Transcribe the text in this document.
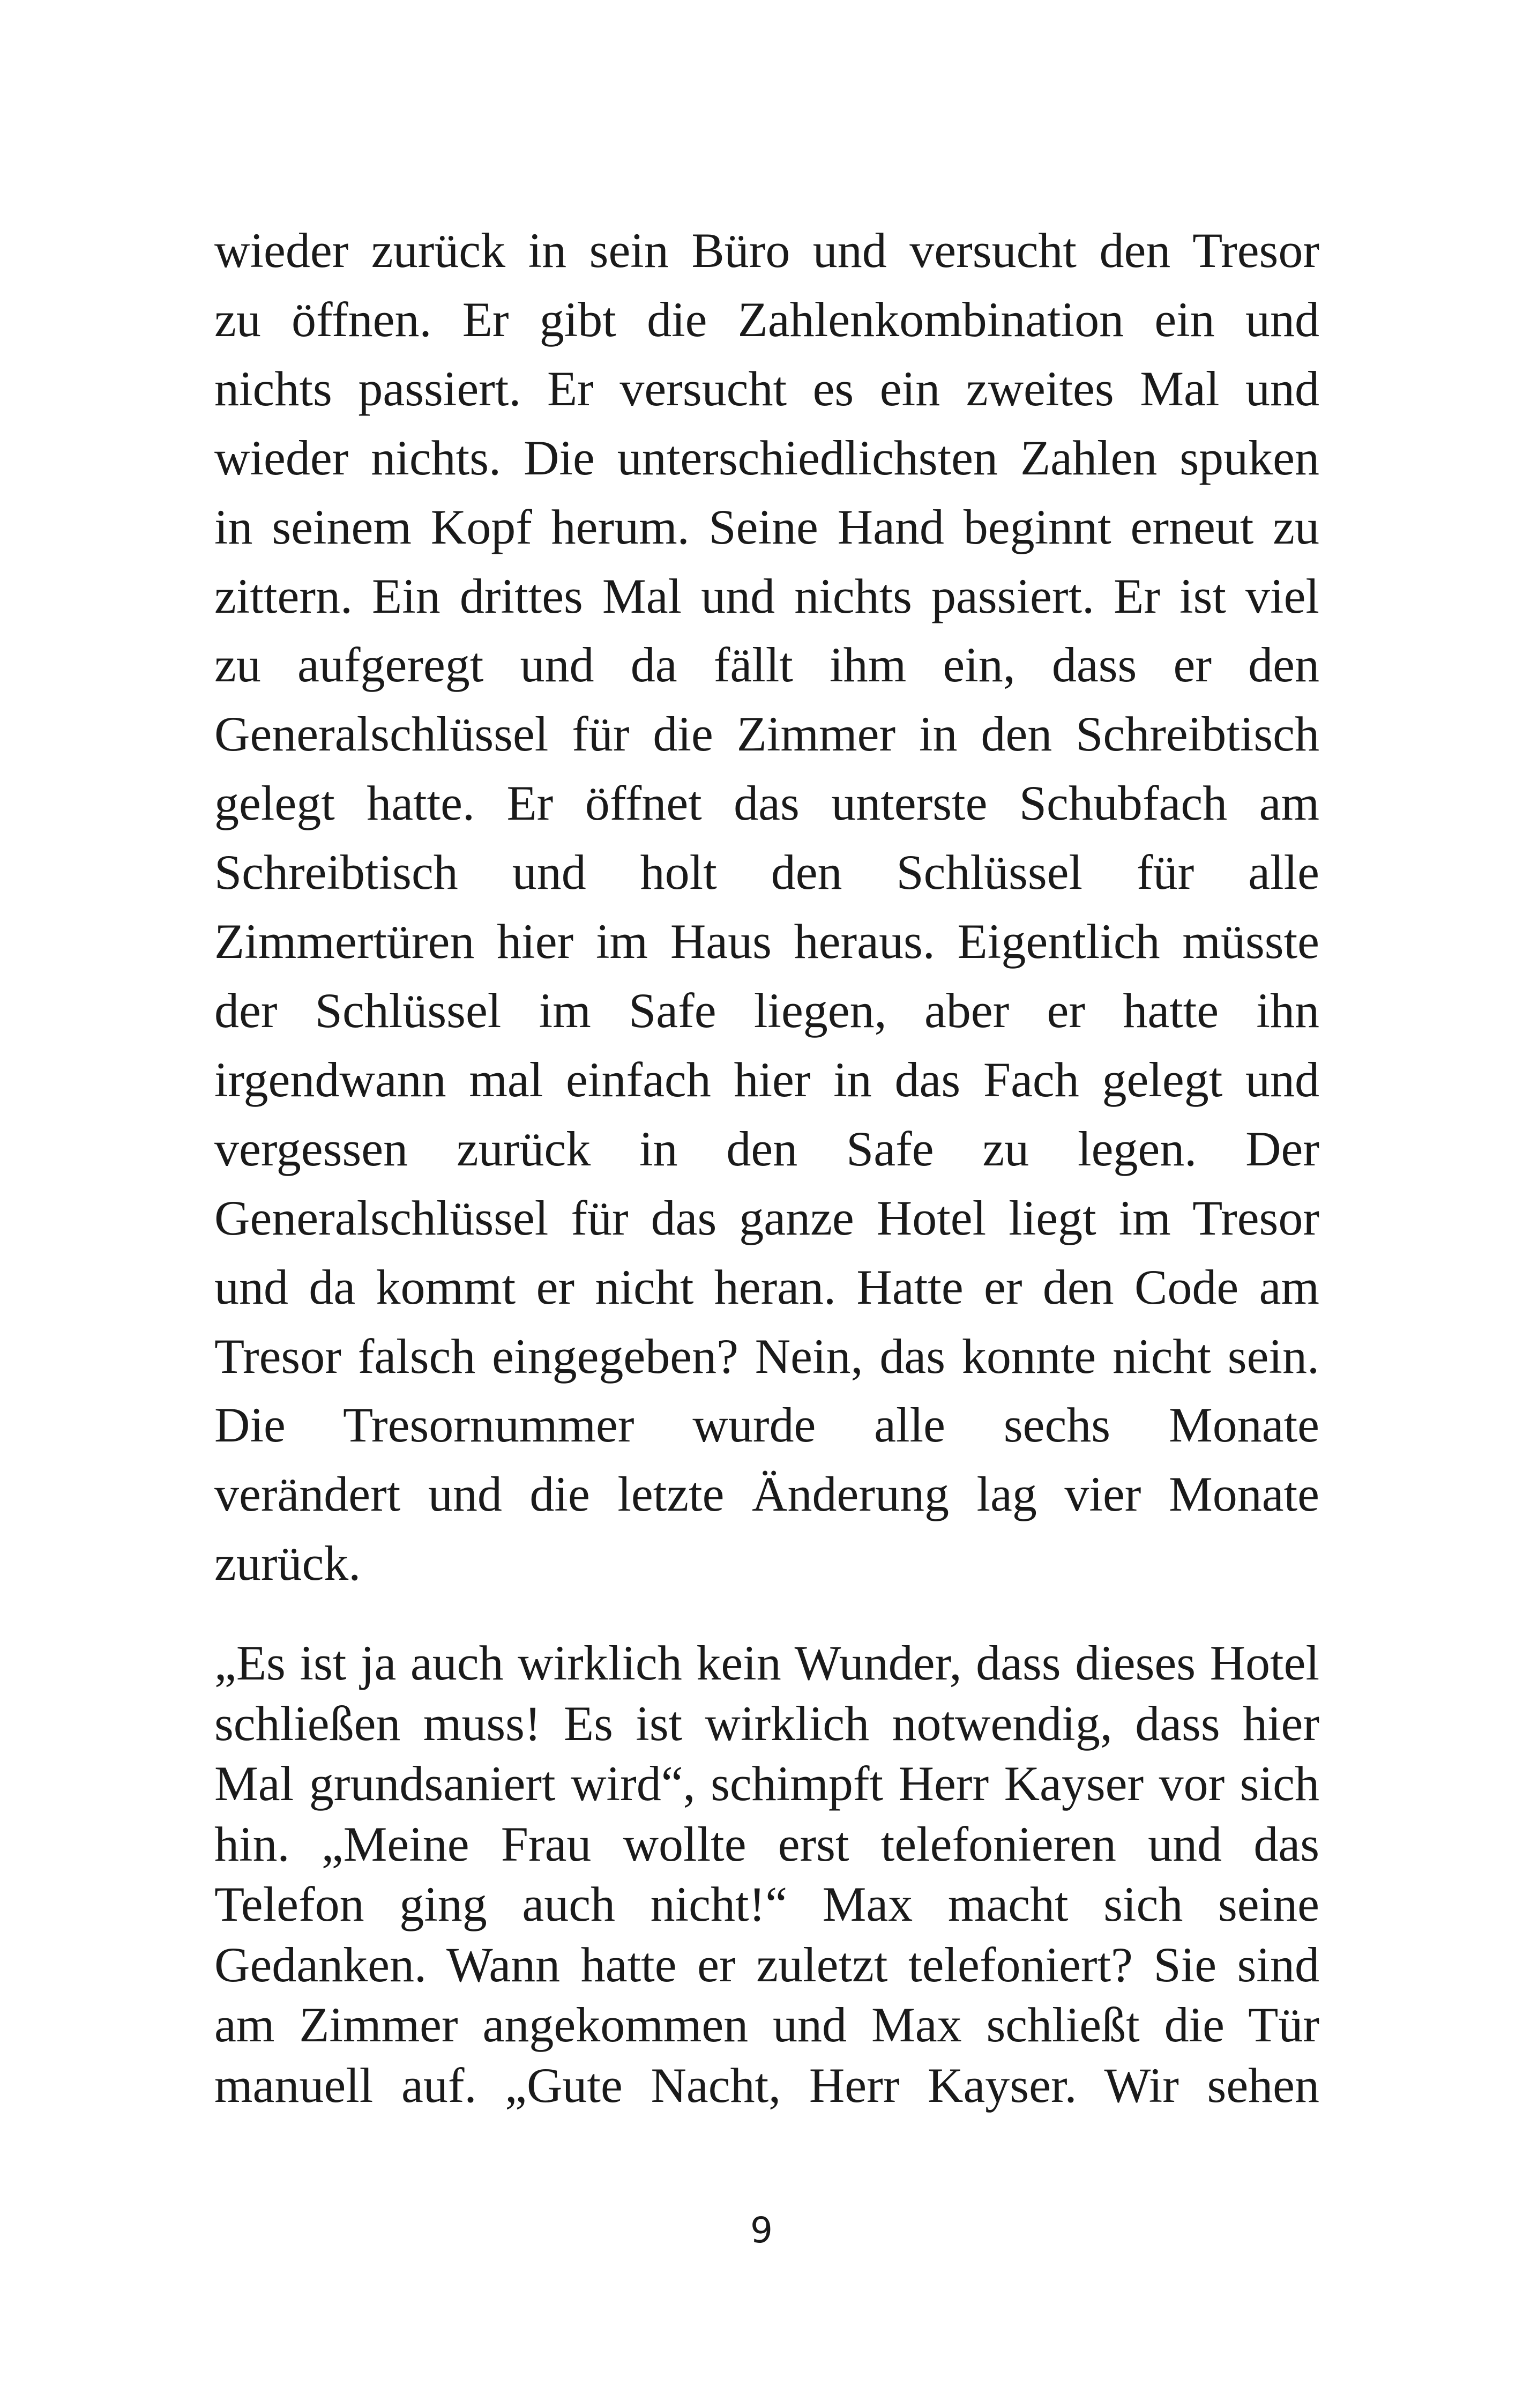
wieder zurück in sein Büro und versucht den Tresor
zu öffnen. Er gibt die Zahlenkombination ein und
nichts passiert. Er versucht es ein zweites Mal und
wieder nichts. Die unterschiedlichsten Zahlen spuken
in seinem Kopf herum. Seine Hand beginnt erneut zu
zittern. Ein drittes Mal und nichts passiert. Er ist viel
zu aufgeregt und da fällt ihm ein, dass er den
Generalschlüssel für die Zimmer in den Schreibtisch
gelegt hatte. Er öffnet das unterste Schubfach am
Schreibtisch und holt den Schlüssel für alle
Zimmertüren hier im Haus heraus. Eigentlich müsste
der Schlüssel im Safe liegen, aber er hatte ihn
irgendwann mal einfach hier in das Fach gelegt und
vergessen zurück in den Safe zu legen. Der
Generalschlüssel für das ganze Hotel liegt im Tresor
und da kommt er nicht heran. Hatte er den Code am
Tresor falsch eingegeben? Nein, das konnte nicht sein.
Die Tresornummer wurde alle sechs Monate
verändert und die letzte Änderung lag vier Monate
zurück.
„Es ist ja auch wirklich kein Wunder, dass dieses Hotel
schließen muss! Es ist wirklich notwendig, dass hier
Mal grundsaniert wird“, schimpft Herr Kayser vor sich
hin. „Meine Frau wollte erst telefonieren und das
Telefon ging auch nicht!“ Max macht sich seine
Gedanken. Wann hatte er zuletzt telefoniert? Sie sind
am Zimmer angekommen und Max schließt die Tür
manuell auf. „Gute Nacht, Herr Kayser. Wir sehen
9
